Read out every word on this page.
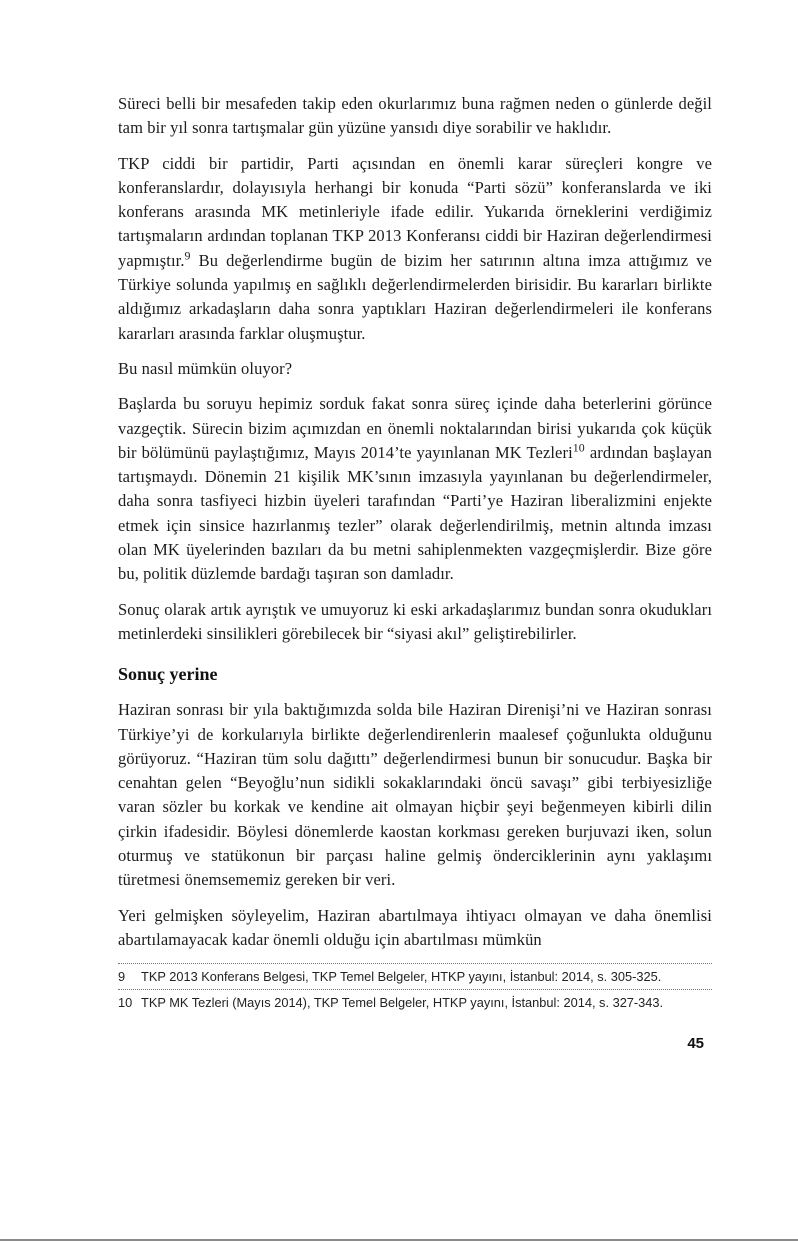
Süreci belli bir mesafeden takip eden okurlarımız buna rağmen neden o günlerde değil tam bir yıl sonra tartışmalar gün yüzüne yansıdı diye sorabilir ve haklıdır.

TKP ciddi bir partidir, Parti açısından en önemli karar süreçleri kongre ve konferanslardır, dolayısıyla herhangi bir konuda “Parti sözü” konferanslarda ve iki konferans arasında MK metinleriyle ifade edilir. Yukarıda örneklerini verdiğimiz tartışmaların ardından toplanan TKP 2013 Konferansı ciddi bir Haziran değerlendirmesi yapmıştır.$^9$ Bu değerlendirme bugün de bizim her satırının altına imza attığımız ve Türkiye solunda yapılmış en sağlıklı değerlendirmelerden birisidir. Bu kararları birlikte aldığımız arkadaşların daha sonra yaptıkları Haziran değerlendirmeleri ile konferans kararları arasında farklar oluşmuştur.

Bu nasıl mümkün oluyor?

Başlarda bu soruyu hepimiz sorduk fakat sonra süreç içinde daha beterlerini görünce vazgeçtik. Sürecin bizim açımızdan en önemli noktalarından birisi yukarıda çok küçük bir bölümünü paylaştığımız, Mayıs 2014’te yayınlanan MK Tezleri$^{10}$ ardından başlayan tartışmaydı. Dönemin 21 kişilik MK’sının imzasıyla yayınlanan bu değerlendirmeler, daha sonra tasfiyeci hizbin üyeleri tarafından “Parti’ye Haziran liberalizmini enjekte etmek için sinsice hazırlanmış tezler” olarak değerlendirilmiş, metnin altında imzası olan MK üyelerinden bazıları da bu metni sahiplenmekten vazgeçmişlerdir. Bize göre bu, politik düzlemde bardağı taşıran son damladır.

Sonuç olarak artık ayrıştık ve umuyoruz ki eski arkadaşlarımız bundan sonra okudukları metinlerdeki sinsilikleri görebilecek bir “siyasi akıl” geliştirebilirler.

Sonuç yerine

Haziran sonrası bir yıla baktığımızda solda bile Haziran Direnişi’ni ve Haziran sonrası Türkiye’yi de korkularıyla birlikte değerlendirenlerin maalesef çoğunlukta olduğunu görüyoruz. “Haziran tüm solu dağıttı” değerlendirmesi bunun bir sonucudur. Başka bir cenahtan gelen “Beyoğlu’nun sidikli sokaklarındaki öncü savaşı” gibi terbiyesizliğe varan sözler bu korkak ve kendine ait olmayan hiçbir şeyi beğenmeyen kibirli dilin çirkin ifadesidir. Böylesi dönemlerde kaostan korkması gereken burjuvazi iken, solun oturmuş ve statükonun bir parçası haline gelmiş önderciklerinin aynı yaklaşımı türetmesi önemsememiz gereken bir veri.

Yeri gelmişken söyleyelim, Haziran abartılmaya ihtiyacı olmayan ve daha önemlisi abartılamayacak kadar önemli olduğu için abartılması mümkün

9 TKP 2013 Konferans Belgesi, TKP Temel Belgeler, HTKP yayını, İstanbul: 2014, s. 305-325.
10 TKP MK Tezleri (Mayıs 2014), TKP Temel Belgeler, HTKP yayını, İstanbul: 2014, s. 327-343.
45
